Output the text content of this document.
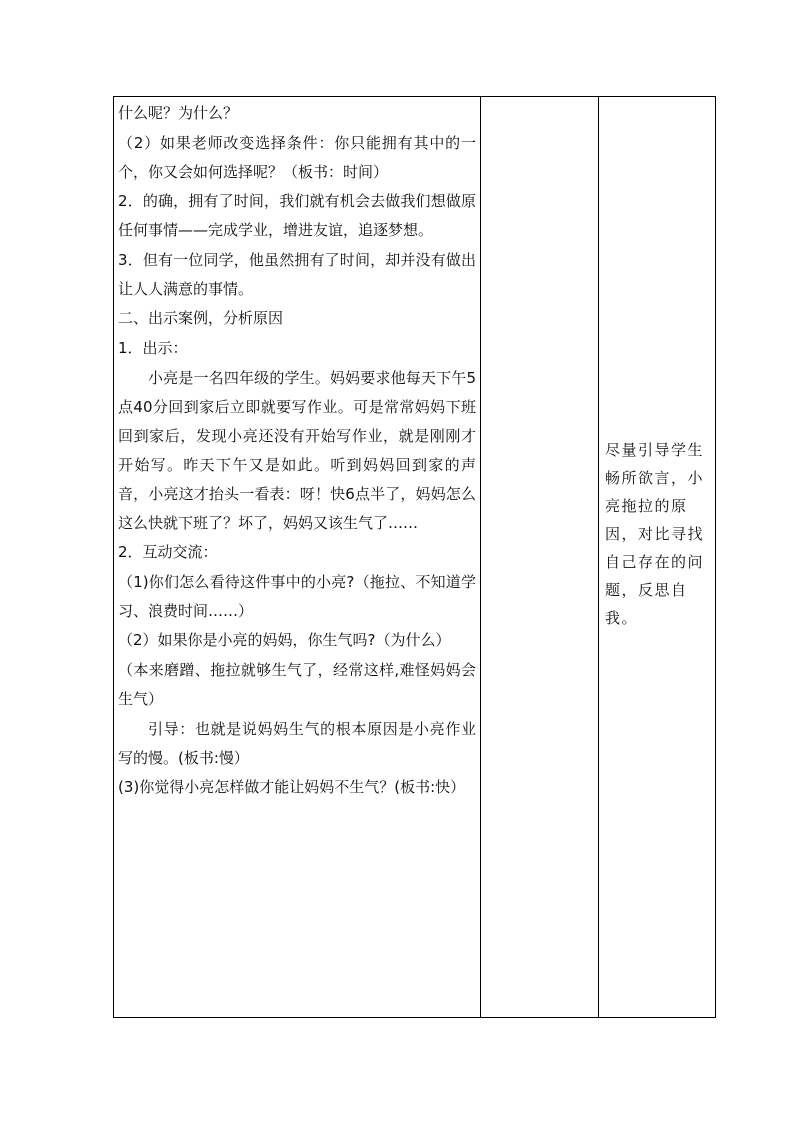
什么呢？为什么？
（2）如果老师改变选择条件：你只能拥有其中的一个，你又会如何选择呢？（板书：时间）
2．的确，拥有了时间，我们就有机会去做我们想做原任何事情——完成学业，增进友谊，追逐梦想。
3．但有一位同学，他虽然拥有了时间，却并没有做出让人人满意的事情。
二、出示案例，分析原因
1．出示：
小亮是一名四年级的学生。妈妈要求他每天下午5点40分回到家后立即就要写作业。可是常常妈妈下班回到家后，发现小亮还没有开始写作业，就是刚刚才开始写。昨天下午又是如此。听到妈妈回到家的声音，小亮这才抬头一看表：呀！快6点半了，妈妈怎么这么快就下班了？坏了，妈妈又该生气了……
2．互动交流：
（1)你们怎么看待这件事中的小亮?（拖拉、不知道学习、浪费时间……）
（2）如果你是小亮的妈妈，你生气吗?（为什么）
（本来磨蹭、拖拉就够生气了，经常这样,难怪妈妈会生气）
引导：也就是说妈妈生气的根本原因是小亮作业写的慢。(板书:慢）
(3)你觉得小亮怎样做才能让妈妈不生气？(板书:快）
尽量引导学生畅所欲言，小亮拖拉的原因，对比寻找自己存在的问题，反思自我。
